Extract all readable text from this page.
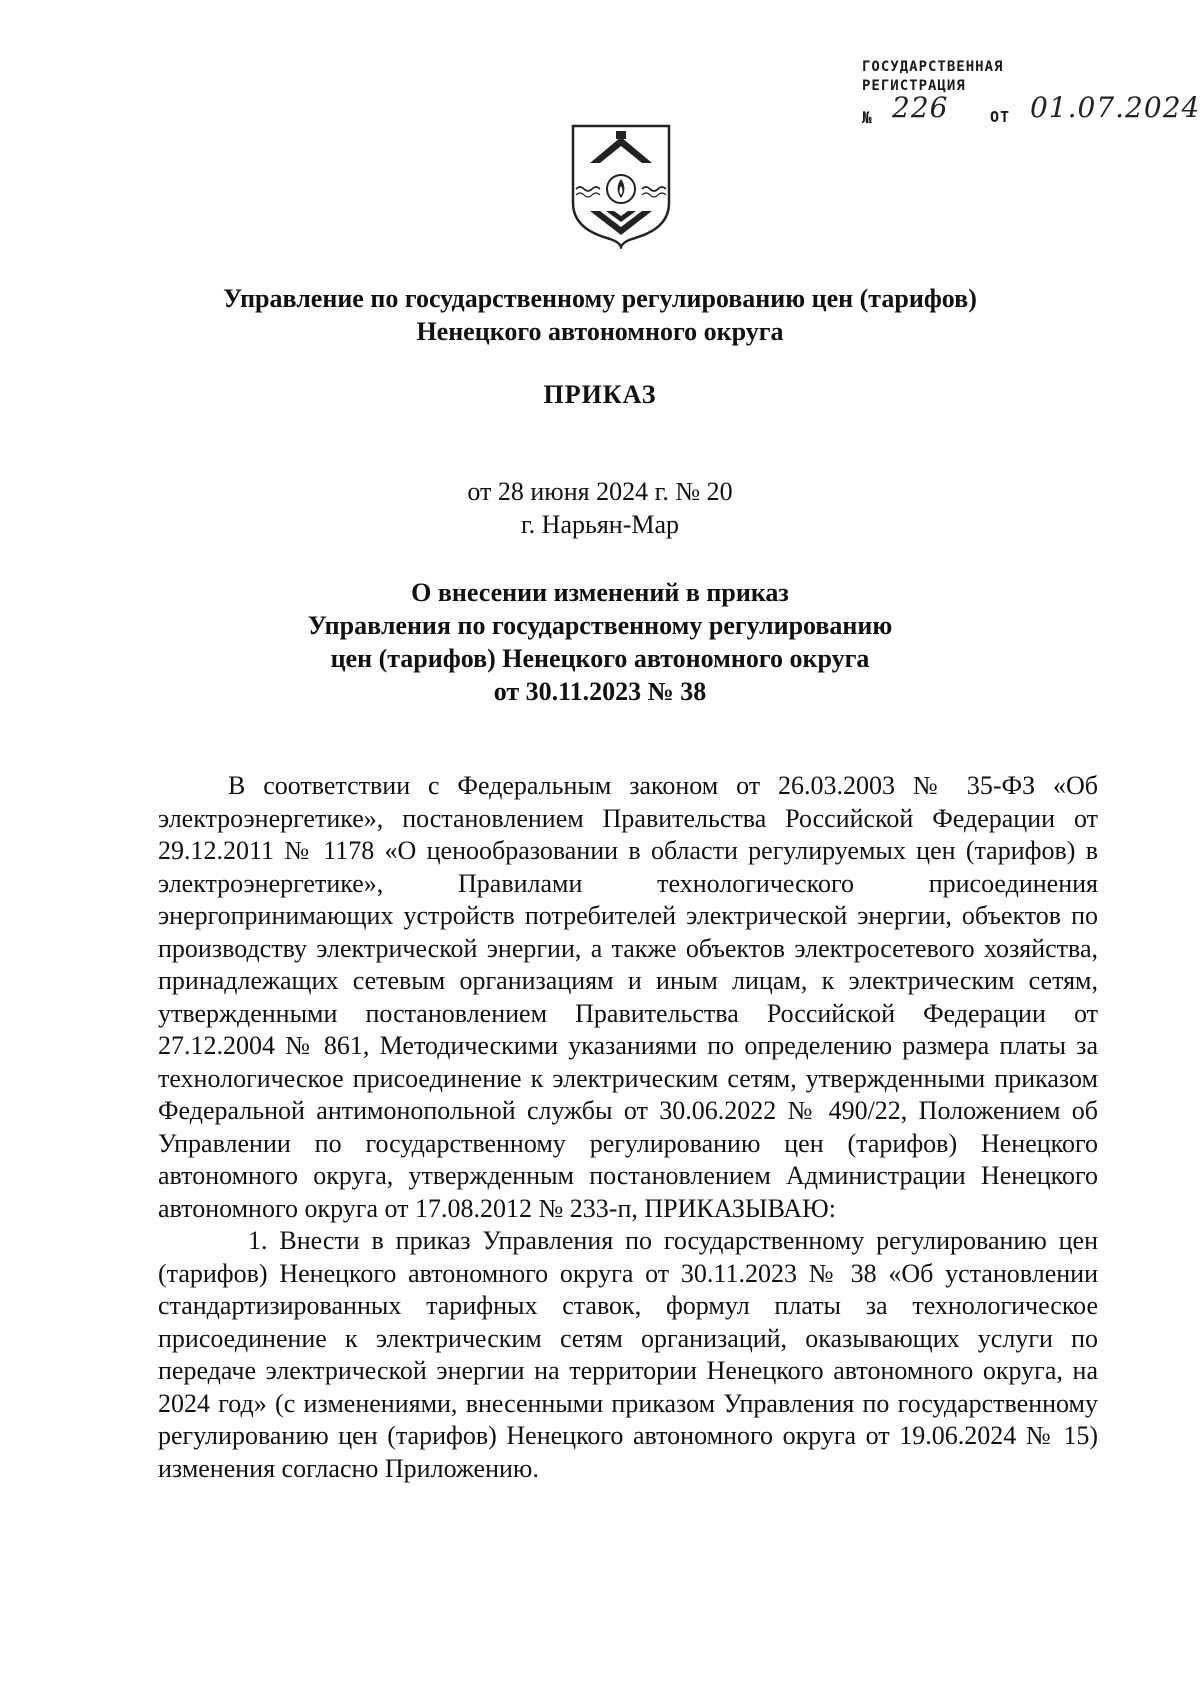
ГОСУДАРСТВЕННАЯ
РЕГИСТРАЦИЯ
№ 226	ОТ 01.07.2024
Управление по государственному регулированию цен (тарифов)
Ненецкого автономного округа
ПРИКАЗ
от 28 июня 2024 г. № 20
г. Нарьян-Мар
О внесении изменений в приказ
Управления по государственному регулированию
цен (тарифов) Ненецкого автономного округа
от 30.11.2023 № 38

В соответствии с Федеральным законом от 26.03.2003 № 35-ФЗ «Об электроэнергетике», постановлением Правительства Российской Федерации от 29.12.2011 № 1178 «О ценообразовании в области регулируемых цен (тарифов) в электроэнергетике», Правилами технологического присоединения энергопринимающих устройств потребителей электрической энергии, объектов по производству электрической энергии, а также объектов электросетевого хозяйства, принадлежащих сетевым организациям и иным лицам, к электрическим сетям, утвержденными постановлением Правительства Российской Федерации от 27.12.2004 № 861, Методическими указаниями по определению размера платы за технологическое присоединение к электрическим сетям, утвержденными приказом Федеральной антимонопольной службы от 30.06.2022 № 490/22, Положением об Управлении по государственному регулированию цен (тарифов) Ненецкого автономного округа, утвержденным постановлением Администрации Ненецкого автономного округа от 17.08.2012 № 233-п, ПРИКАЗЫВАЮ:

1. Внести в приказ Управления по государственному регулированию цен (тарифов) Ненецкого автономного округа от 30.11.2023 № 38 «Об установлении стандартизированных тарифных ставок, формул платы за технологическое присоединение к электрическим сетям организаций, оказывающих услуги по передаче электрической энергии на территории Ненецкого автономного округа, на 2024 год» (с изменениями, внесенными приказом Управления по государственному регулированию цен (тарифов) Ненецкого автономного округа от 19.06.2024 № 15) изменения согласно Приложению.
